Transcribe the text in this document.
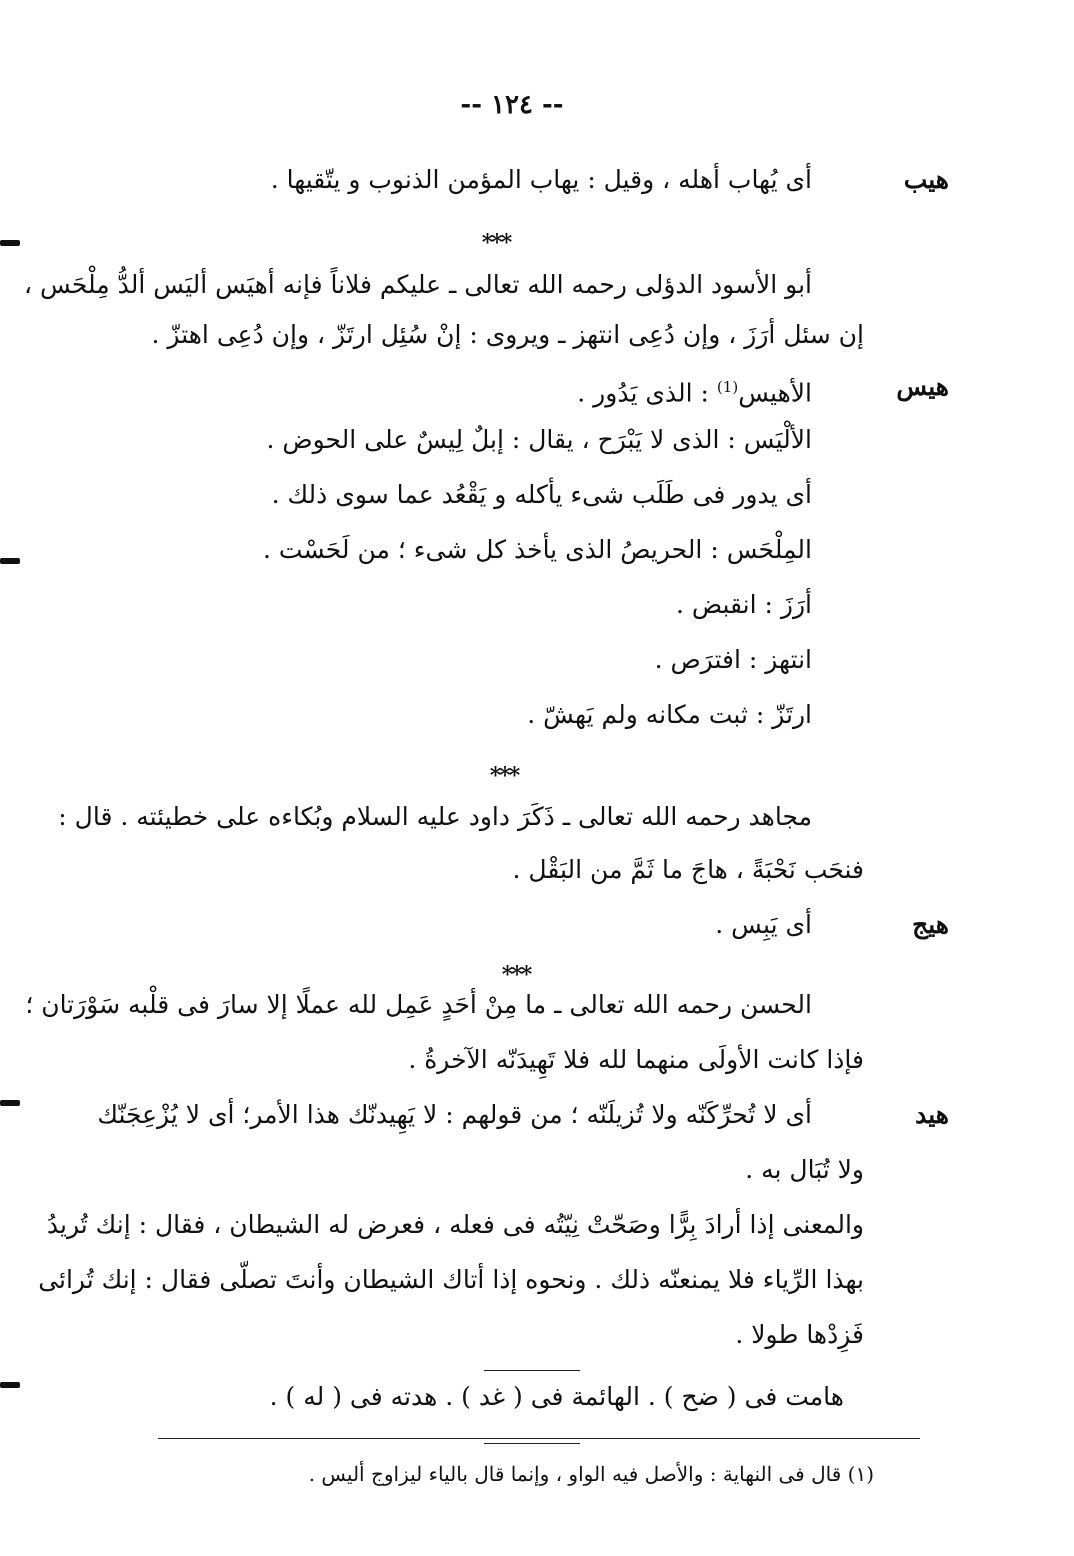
-- ١٢٤ --
هيب
أى يُهاب أهله ، وقيل : يهاب المؤمن الذنوب و يتّقيها .
***
أبو الأسود الدؤلى رحمه الله تعالى ـ عليكم فلاناً فإنه أهيَس أليَس ألدُّ مِلْحَس ،
إن سئل أرَزَ ، وإن دُعِى انتهز ـ ويروى : إنْ سُئِل ارتَزّ ، وإن دُعِى اهتزّ .
هيس
الأهيس$^{(1)}$ : الذى يَدُور .
الألْيَس : الذى لا يَبْرَح ، يقال : إبلٌ لِيسٌ على الحوض .
أى يدور فى طَلَب شىء يأكله و يَقْعُد عما سوى ذلك .
المِلْحَس : الحريصُ الذى يأخذ كل شىء ؛ من لَحَسْت .
أرَزَ : انقبض .
انتهز : افترَص .
ارتَزّ : ثبت مكانه ولم يَهشّ .
***
مجاهد رحمه الله تعالى ـ ذَكَرَ داود عليه السلام وبُكاءه على خطيئته . قال :
فنحَب نَحْبَةً ، هاجَ ما ثَمَّ من البَقْل .
هيج
أى يَبِس .
***
الحسن رحمه الله تعالى ـ ما مِنْ أحَدٍ عَمِل لله عملًا إلا سارَ فى قلْبه سَوْرَتان ؛
فإذا كانت الأولَى منهما لله فلا تَهِيدَنّه الآخرةُ .
هيد
أى لا تُحرِّكَنّه ولا تُزيلَنّه ؛ من قولهم : لا يَهِيدنّك هذا الأمر؛ أى لا يُزْعِجَنّك
ولا تُبَال به .
والمعنى إذا أرادَ بِرًّا وصَحّتْ نِيّتُه فى فعله ، فعرض له الشيطان ، فقال : إنك تُريدُ
بهذا الرِّياء فلا يمنعنّه ذلك . ونحوه إذا أتاك الشيطان وأنتَ تصلّى فقال : إنك تُرائى
فَزِدْها طولا .
هامت فى ( ضح ) . الهائمة فى ( غد ) . هدته فى ( له ) .
(١) قال فى النهاية : والأصل فيه الواو ، وإنما قال بالياء ليزاوج أليس .
